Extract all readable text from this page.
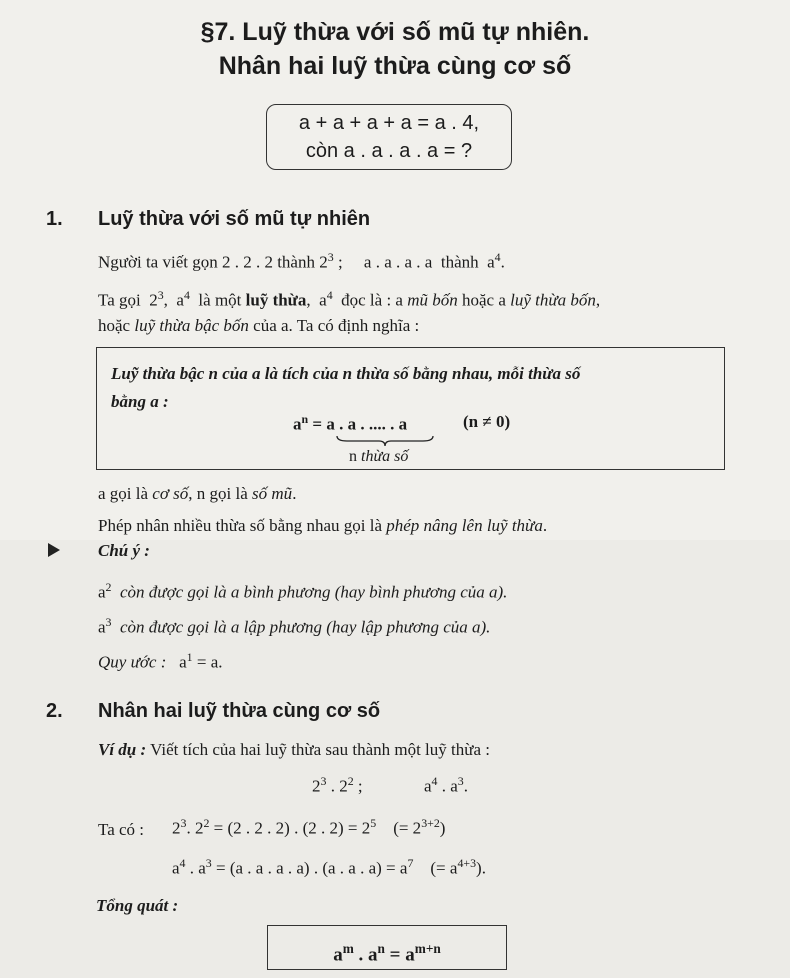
§7. Luỹ thừa với số mũ tự nhiên.
Nhân hai luỹ thừa cùng cơ số
a + a + a + a = a . 4,
còn a . a . a . a = ?
1. Luỹ thừa với số mũ tự nhiên
Người ta viết gọn 2 . 2 . 2 thành $2^3$ ;     a . a . a . a  thành  $a^4$.
Ta gọi  $2^3$,  $a^4$  là một luỹ thừa,  $a^4$  đọc là : a mũ bốn hoặc a luỹ thừa bốn,
hoặc luỹ thừa bậc bốn của a. Ta có định nghĩa :
Luỹ thừa bậc n của a là tích của n thừa số bằng nhau, mỗi thừa số
bằng a :
$a^n = a$ . a . .... . a	(n ≠ 0)
n thừa số
a gọi là cơ số, n gọi là số mũ.
Phép nhân nhiều thừa số bằng nhau gọi là phép nâng lên luỹ thừa.
Chú ý :
$a^2$  còn được gọi là a bình phương (hay bình phương của a).
$a^3$  còn được gọi là a lập phương (hay lập phương của a).
Quy ước :   $a^1 = a$.
2. Nhân hai luỹ thừa cùng cơ số
Ví dụ : Viết tích của hai luỹ thừa sau thành một luỹ thừa :
$2^3$ . $2^2$ ;	$a^4$ . $a^3$.
Ta có : $2^3$. $2^2 = (2$ . 2 . 2) . (2 . $2) = 2^5$    (= $2^{3+2}$)
$a^4$ . $a^3 = (a$ . a . a . a) . (a . a . $a) = a^7$    (= $a^{4+3}$).
Tổng quát :
$a^m$ . $a^n = a^{m+n}$
